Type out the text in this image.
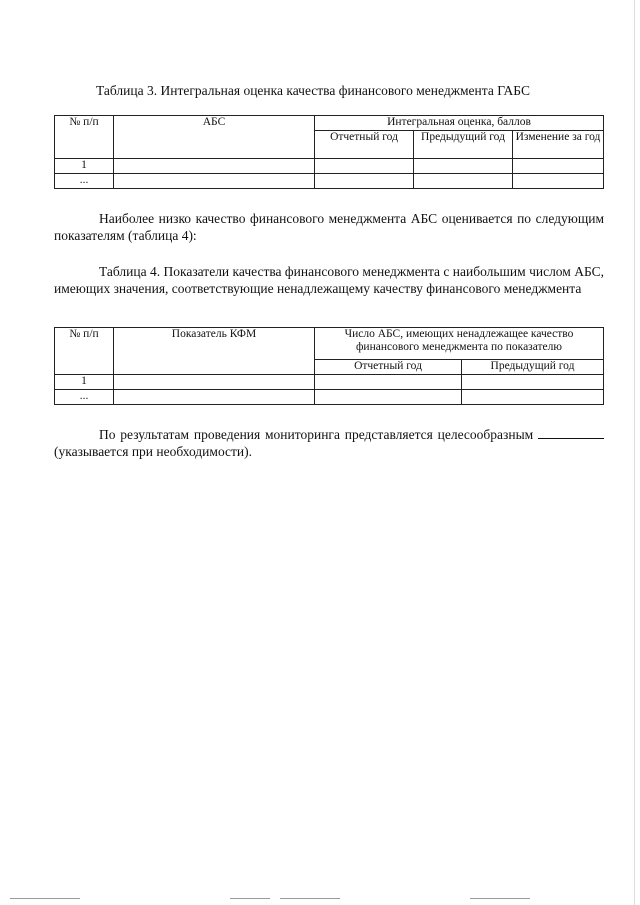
Таблица 3. Интегральная оценка качества финансового менеджмента ГАБС
№ п/п	АБС	Интегральная оценка, баллов		
		Отчетный год	Предыдущий год	Изменение за год
1				
...				
Наиболее низко качество финансового менеджмента АБС оценивается по следующим показателям (таблица 4):
Таблица 4. Показатели качества финансового менеджмента с наибольшим числом АБС, имеющих значения, соответствующие ненадлежащему качеству финансового менеджмента
№ п/п	Показатель КФМ	Число АБС, имеющих ненадлежащее качество финансового менеджмента по показателю	
		Отчетный год	Предыдущий год
1			
...			
По результатам проведения мониторинга представляется целесообразным  (указывается при необходимости).
